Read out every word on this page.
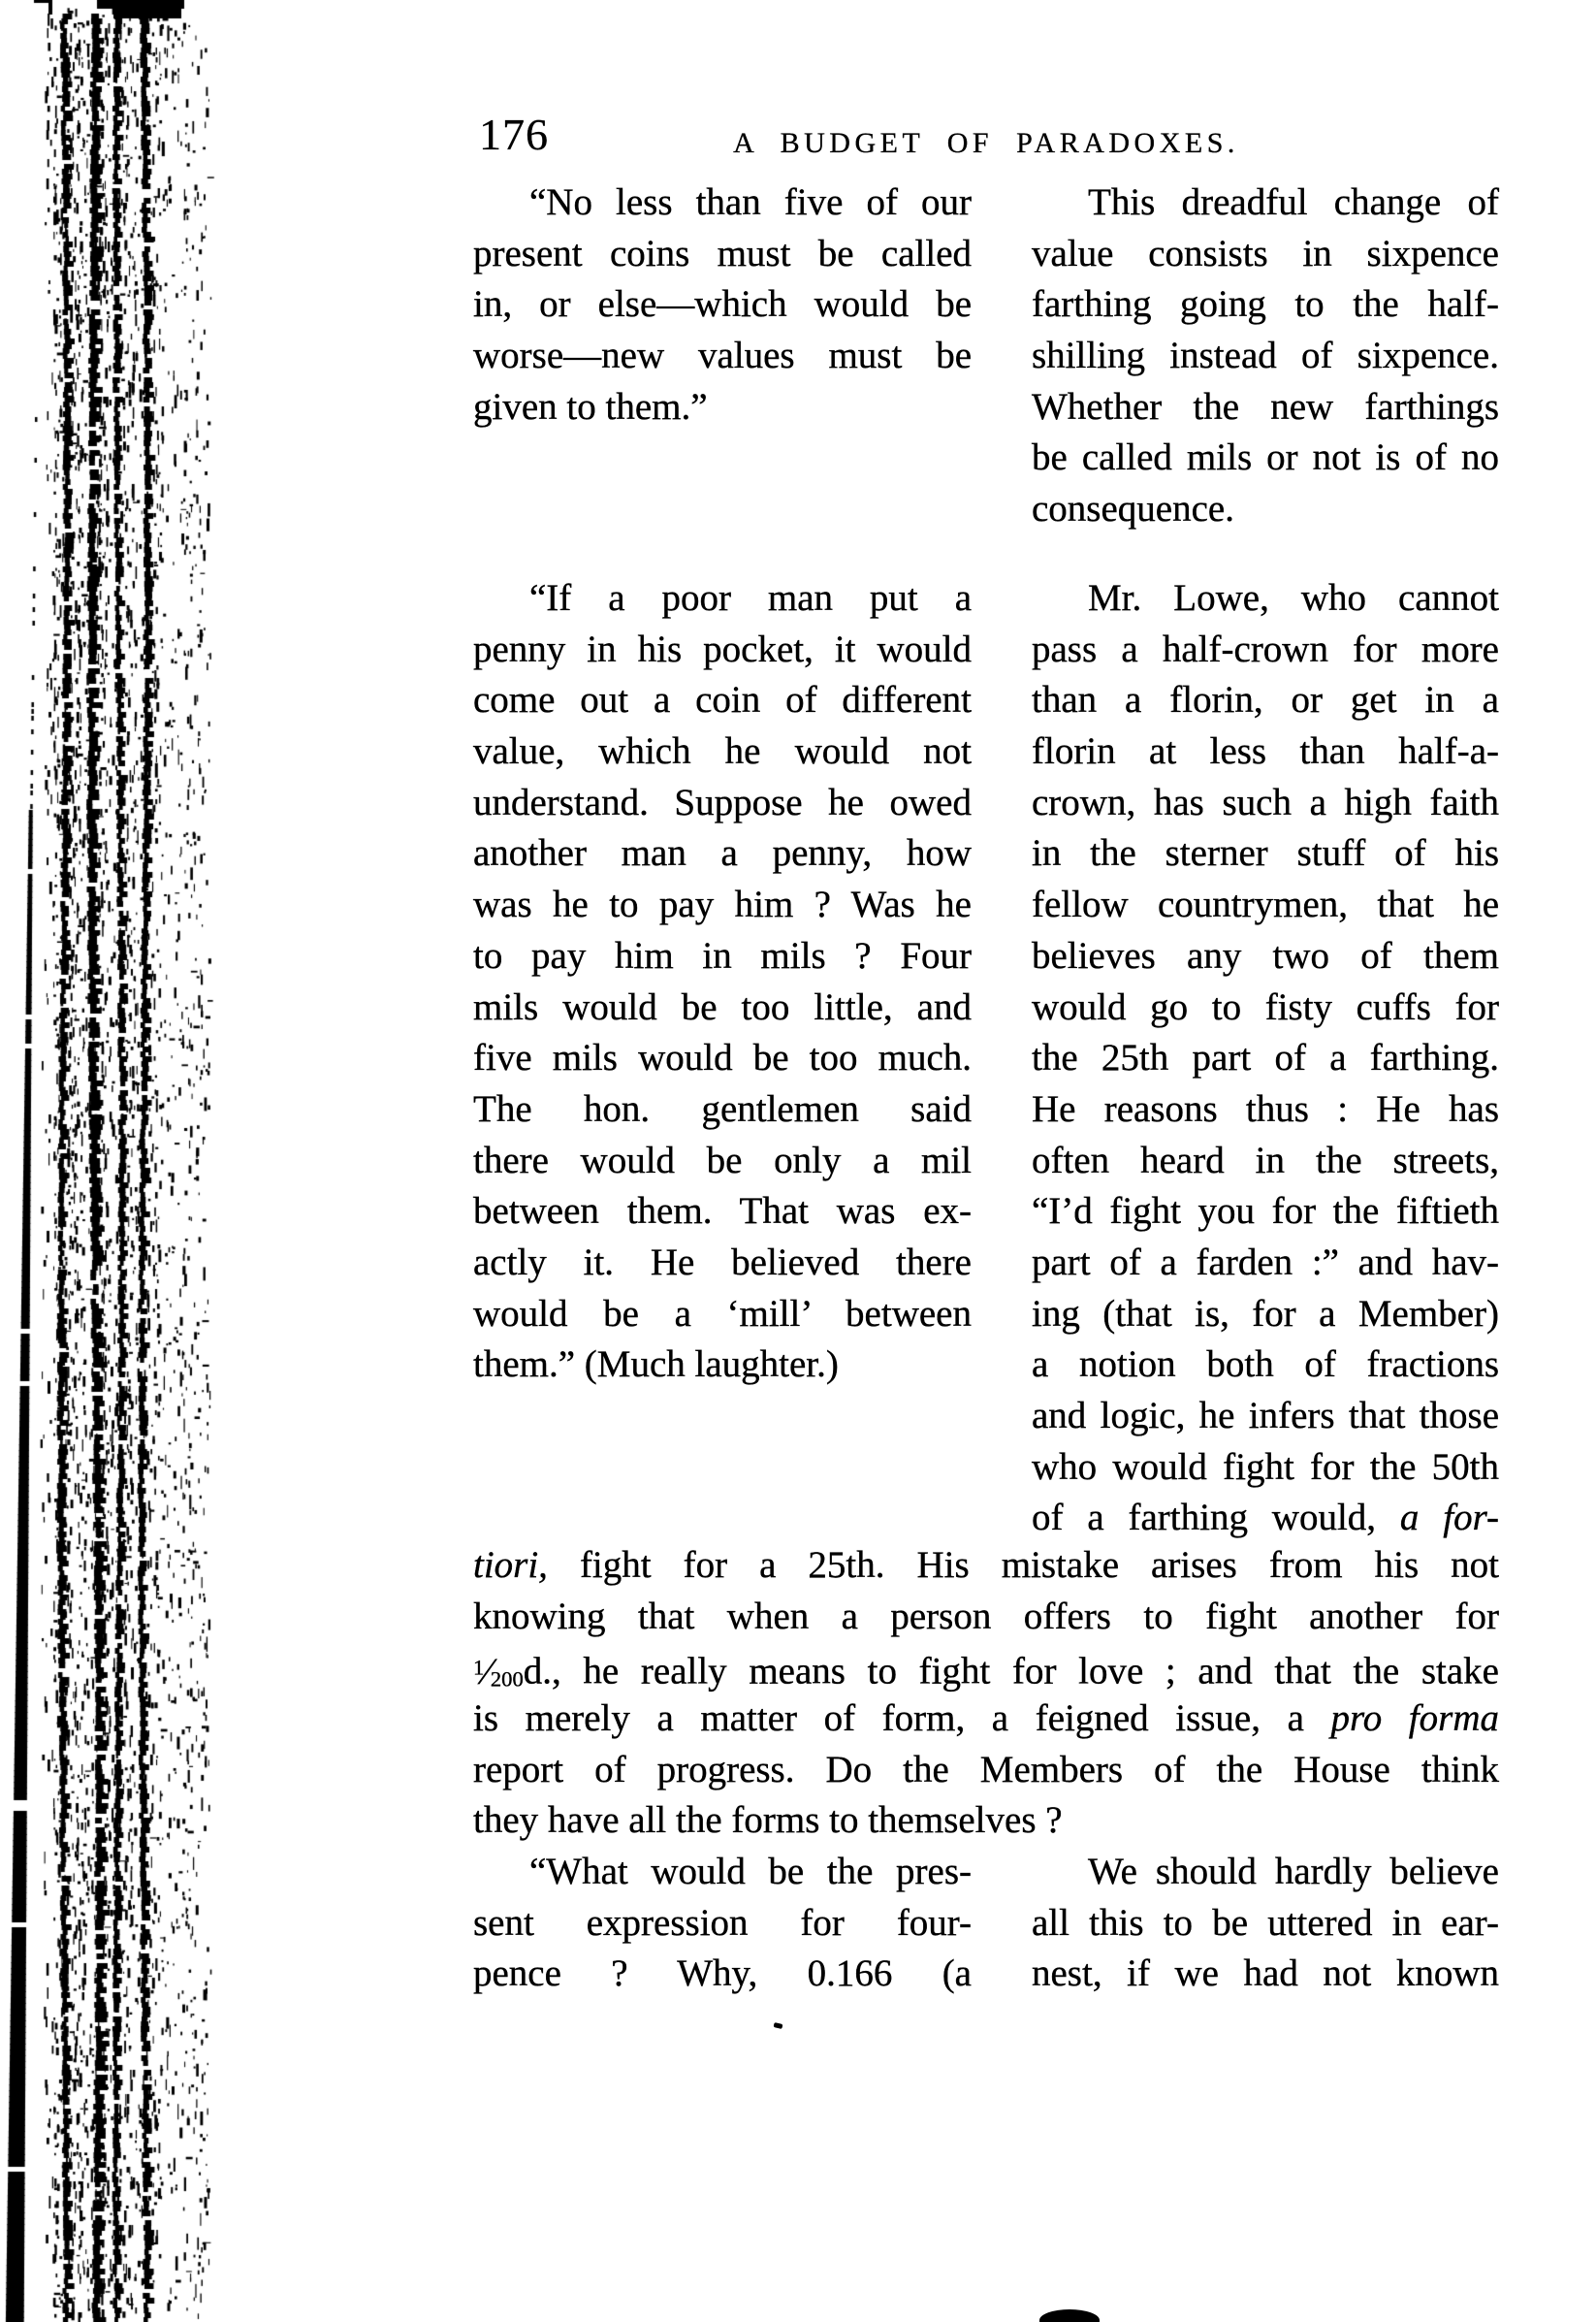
176	A BUDGET OF PARADOXES.
“No less than five of our
present coins must be called
in, or else—which would be
worse—new values must be
given to them.”
This dreadful change of
value consists in sixpence
farthing going to the half-
shilling instead of sixpence.
Whether the new farthings
be called mils or not is of no
consequence.
“If a poor man put a
penny in his pocket, it would
come out a coin of different
value, which he would not
understand. Suppose he owed
another man a penny, how
was he to pay him ? Was he
to pay him in mils ? Four
mils would be too little, and
five mils would be too much.
The hon. gentlemen said
there would be only a mil
between them. That was ex-
actly it. He believed there
would be a ‘mill’ between
them.” (Much laughter.)
Mr. Lowe, who cannot
pass a half-crown for more
than a florin, or get in a
florin at less than half-a-
crown, has such a high faith
in the sterner stuff of his
fellow countrymen, that he
believes any two of them
would go to fisty cuffs for
the 25th part of a farthing.
He reasons thus : He has
often heard in the streets,
“I’d fight you for the fiftieth
part of a farden :” and hav-
ing (that is, for a Member)
a notion both of fractions
and logic, he infers that those
who would fight for the 50th
of a farthing would, a for-
tiori, fight for a 25th. His mistake arises from his not
knowing that when a person offers to fight another for
$^1⁄_{200}d$., he really means to fight for love ; and that the stake
is merely a matter of form, a feigned issue, a pro forma
report of progress. Do the Members of the House think
they have all the forms to themselves ?
“What would be the pres-
sent expression for four-
pence ? Why, 0.166 (a
We should hardly believe
all this to be uttered in ear-
nest, if we had not known
